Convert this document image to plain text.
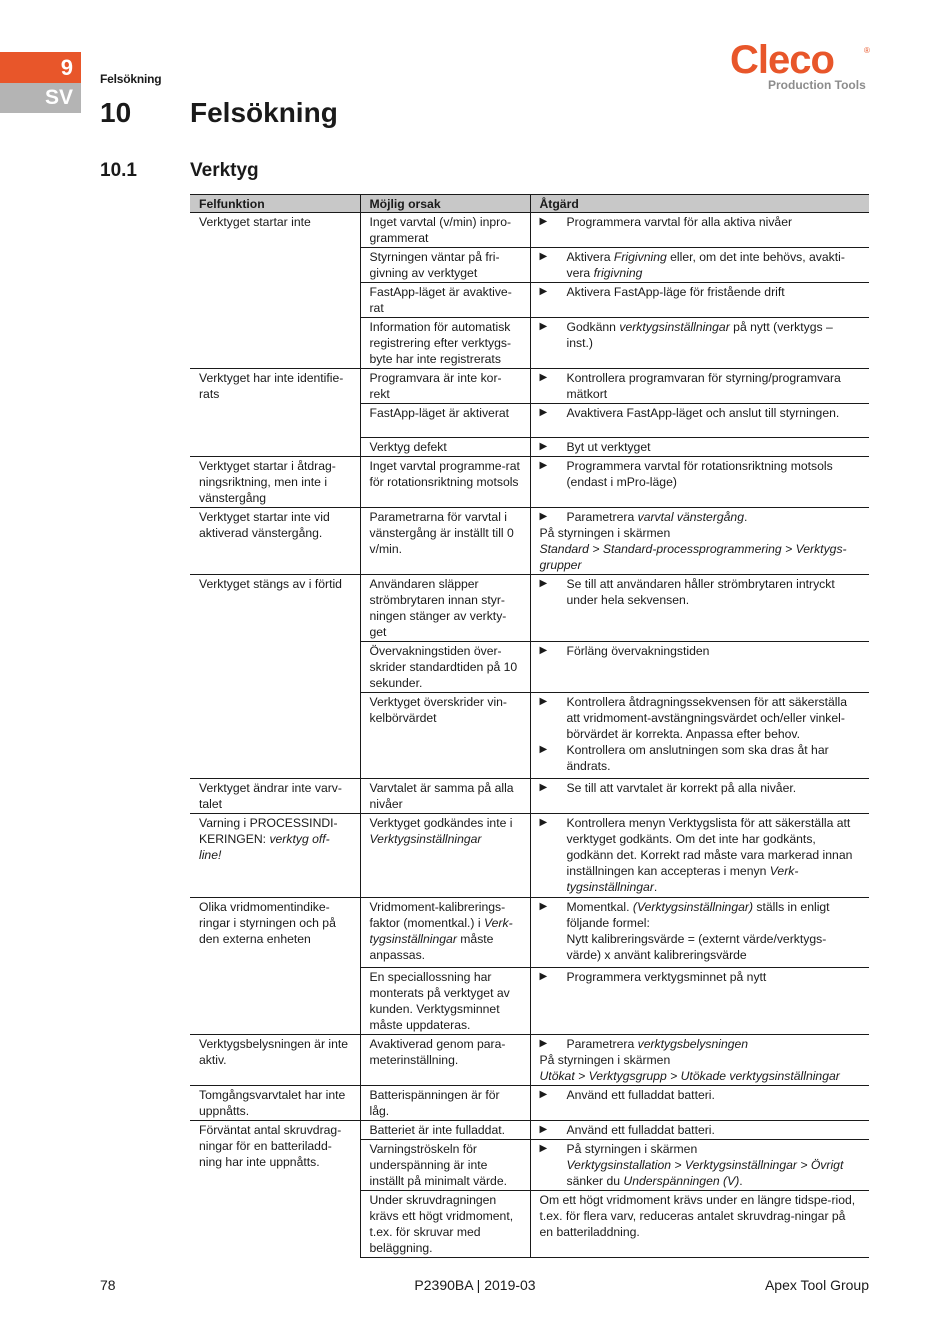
9
SV
Felsökning	Cleco	®
Production Tools
10 Felsökning
10.1	Verktyg
Felfunktion	Möjlig orsak	Åtgärd
Verktyget startar inte	Inget varvtal (v/min) inpro-grammerat	▶ Programmera varvtal för alla aktiva nivåer

	Styrningen väntar på fri-givning av verktyget	▶ Aktivera Frigivning eller, om det inte behövs, avakti-vera frigivning

	FastApp-läget är avaktive-rat	▶ Aktivera FastApp-läge för fristående drift

	Information för automatisk registrering efter verktygs-byte har inte registrerats	▶ Godkänn verktygsinställningar på nytt (verktygs – inst.)

Verktyget har inte identifie-rats	Programvara är inte kor-rekt	▶ Kontrollera programvaran för styrning/programvara mätkort

	FastApp-läget är aktiverat	▶ Avaktivera FastApp-läget och anslut till styrningen.

	Verktyg defekt	▶ Byt ut verktyget

Verktyget startar i åtdrag-ningsriktning, men inte i vänstergång	Inget varvtal programme-rat för rotationsriktning motsols	▶ Programmera varvtal för rotationsriktning motsols (endast i mPro-läge)

Verktyget startar inte vid aktiverad vänstergång.	Parametrarna för varvtal i vänstergång är inställt till 0 v/min.	▶ Parametrera varvtal vänstergång.
På styrningen i skärmen
Standard > Standard-processprogrammering > Verktygs-grupper

Verktyget stängs av i förtid	Användaren släpper strömbrytaren innan styr-ningen stänger av verkty-get	▶ Se till att användaren håller strömbrytaren intryckt under hela sekvensen.

	Övervakningstiden över-skrider standardtiden på 10 sekunder.	▶ Förläng övervakningstiden

	Verktyget överskrider vin-kelbörvärdet	▶ Kontrollera åtdragningssekvensen för att säkerställa att vridmoment-avstängningsvärdet och/eller vinkel-börvärdet är korrekta. Anpassa efter behov.
▶ Kontrollera om anslutningen som ska dras åt har ändrats.

Verktyget ändrar inte varv-talet	Varvtalet är samma på alla nivåer	▶ Se till att varvtalet är korrekt på alla nivåer.

Varning i PROCESSINDI-KERINGEN: verktyg off-line!	Verktyget godkändes inte i Verktygsinställningar	▶ Kontrollera menyn Verktygslista för att säkerställa att verktyget godkänts. Om det inte har godkänts, godkänn det. Korrekt rad måste vara markerad innan inställningen kan accepteras i menyn Verk-tygsinställningar.

Olika vridmomentindike-ringar i styrningen och på den externa enheten	Vridmoment-kalibrerings-faktor (momentkal.) i Verk-tygsinställningar måste anpassas.	▶ Momentkal. (Verktygsinställningar) ställs in enligt följande formel:
Nytt kalibreringsvärde = (externt värde/verktygs-värde) x använt kalibreringsvärde

	En speciallossning har monterats på verktyget av kunden. Verktygsminnet måste uppdateras.	▶ Programmera verktygsminnet på nytt

Verktygsbelysningen är inte aktiv.	Avaktiverad genom para-meterinställning.	▶ Parametrera verktygsbelysningen
På styrningen i skärmen
Utökat > Verktygsgrupp > Utökade verktygsinställningar

Tomgångsvarvtalet har inte uppnåtts.	Batterispänningen är för låg.	▶ Använd ett fulladdat batteri.

Förväntat antal skruvdrag-ningar för en batteriladd-ning har inte uppnåtts.	Batteriet är inte fulladdat.	▶ Använd ett fulladdat batteri.

	Varningströskeln för underspänning är inte inställt på minimalt värde.	▶ På styrningen i skärmen
Verktygsinstallation > Verktygsinställningar > Övrigt
sänker du Underspänningen (V).

	Under skruvdragningen krävs ett högt vridmoment, t.ex. för skruvar med beläggning.	Om ett högt vridmoment krävs under en längre tidspe-riod, t.ex. för flera varv, reduceras antalet skruvdrag-ningar på en batteriladdning.
78	P2390BA | 2019-03	Apex Tool Group
